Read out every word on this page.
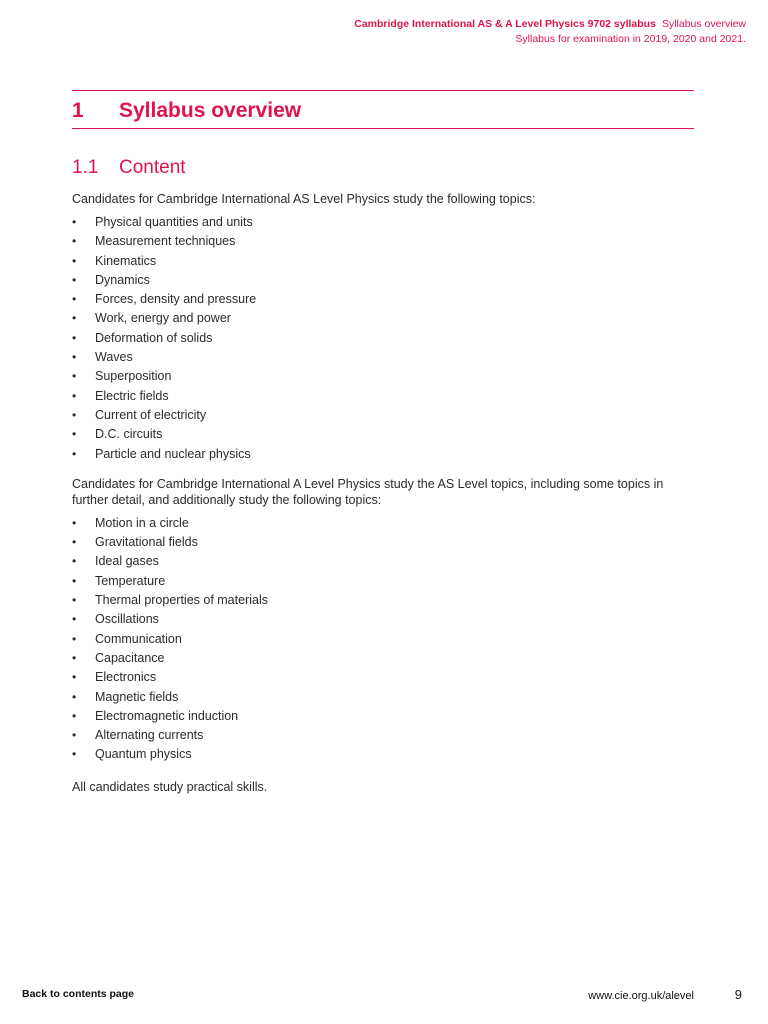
Cambridge International AS & A Level Physics 9702 syllabus Syllabus overview
Syllabus for examination in 2019, 2020 and 2021.
1	Syllabus overview
1.1	Content

Candidates for Cambridge International AS Level Physics study the following topics:

• Physical quantities and units
• Measurement techniques
• Kinematics
• Dynamics
• Forces, density and pressure
• Work, energy and power
• Deformation of solids
• Waves
• Superposition
• Electric fields
• Current of electricity
• D.C. circuits
• Particle and nuclear physics

Candidates for Cambridge International A Level Physics study the AS Level topics, including some topics in further detail, and additionally study the following topics:

• Motion in a circle
• Gravitational fields
• Ideal gases
• Temperature
• Thermal properties of materials
• Oscillations
• Communication
• Capacitance
• Electronics
• Magnetic fields
• Electromagnetic induction
• Alternating currents
• Quantum physics

All candidates study practical skills.

Back to contents page	www.cie.org.uk/alevel	9
